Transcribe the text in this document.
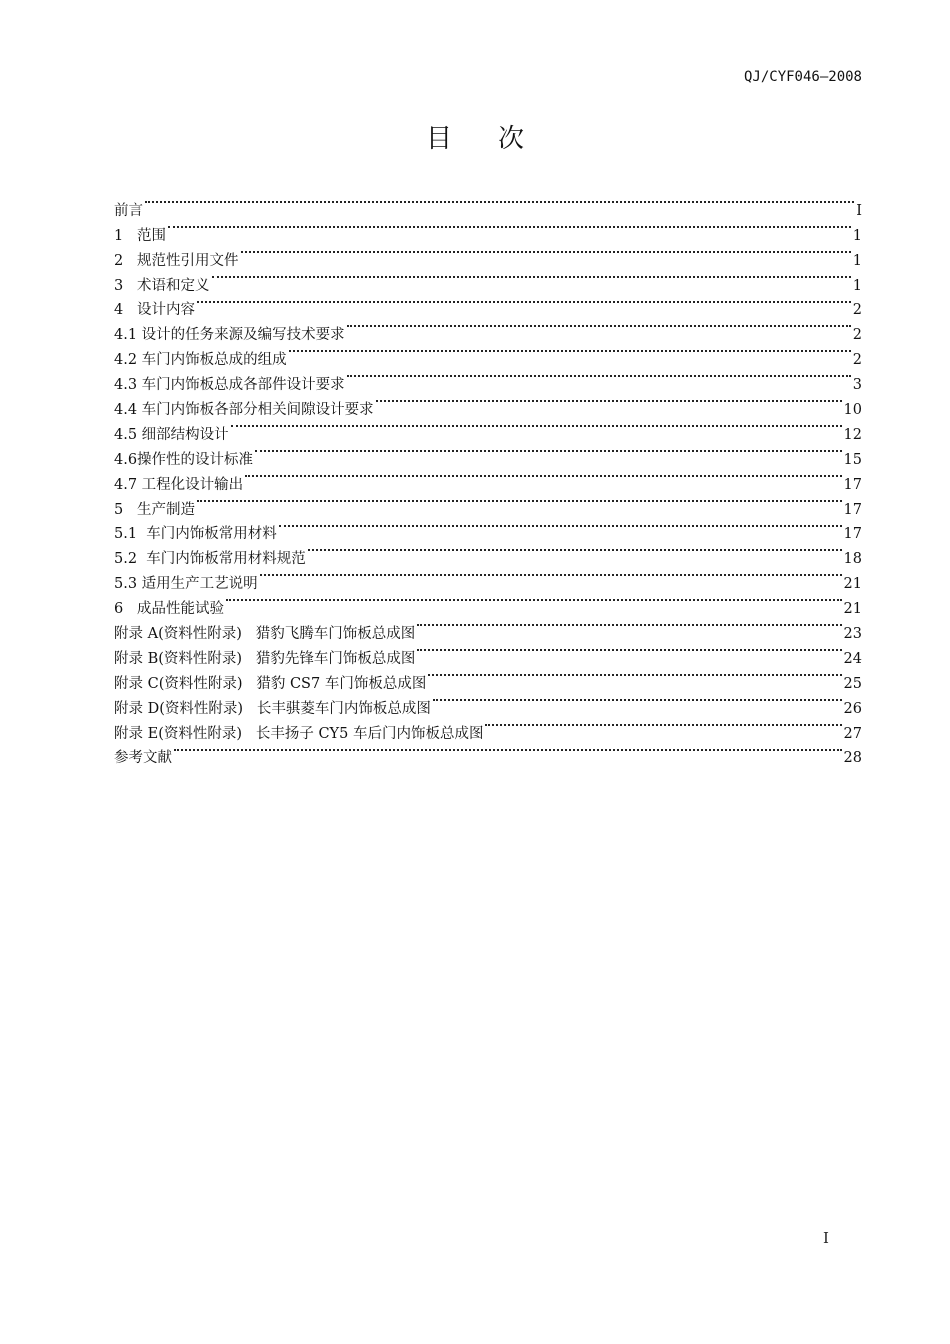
QJ/CYF046—2008
目次
前言	I
1   范围	1
2   规范性引用文件	1
3   术语和定义	1
4   设计内容	2
4.1 设计的任务来源及编写技术要求	2
4.2 车门内饰板总成的组成	2
4.3 车门内饰板总成各部件设计要求	3
4.4 车门内饰板各部分相关间隙设计要求	10
4.5 细部结构设计	12
4.6操作性的设计标准	15
4.7 工程化设计输出	17
5   生产制造	17
5.1  车门内饰板常用材料	17
5.2  车门内饰板常用材料规范	18
5.3 适用生产工艺说明	21
6   成品性能试验	21
附录 A(资料性附录)   猎豹飞腾车门饰板总成图	23
附录 B(资料性附录)   猎豹先锋车门饰板总成图	24
附录 C(资料性附录)   猎豹 CS7 车门饰板总成图	25
附录 D(资料性附录)   长丰骐菱车门内饰板总成图	26
附录 E(资料性附录)   长丰扬子 CY5 车后门内饰板总成图	27
参考文献	28
I
